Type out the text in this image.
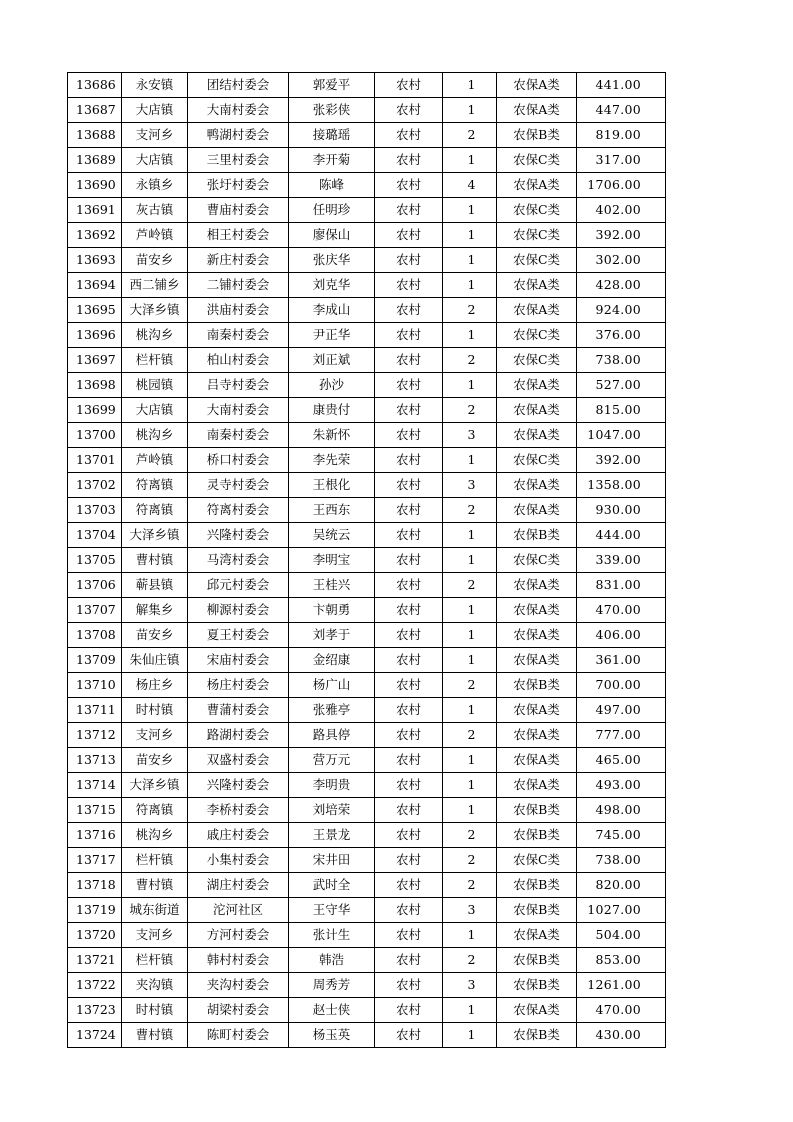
13686	永安镇	团结村委会	郭爱平	农村	1	农保A类	441.00
13687	大店镇	大南村委会	张彩侠	农村	1	农保A类	447.00
13688	支河乡	鸭湖村委会	接璐瑶	农村	2	农保B类	819.00
13689	大店镇	三里村委会	李开菊	农村	1	农保C类	317.00
13690	永镇乡	张圩村委会	陈峰	农村	4	农保A类	1706.00
13691	灰古镇	曹庙村委会	任明珍	农村	1	农保C类	402.00
13692	芦岭镇	相王村委会	廖保山	农村	1	农保C类	392.00
13693	苗安乡	新庄村委会	张庆华	农村	1	农保C类	302.00
13694	西二铺乡	二铺村委会	刘克华	农村	1	农保A类	428.00
13695	大泽乡镇	洪庙村委会	李成山	农村	2	农保A类	924.00
13696	桃沟乡	南秦村委会	尹正华	农村	1	农保C类	376.00
13697	栏杆镇	柏山村委会	刘正斌	农村	2	农保C类	738.00
13698	桃园镇	吕寺村委会	孙沙	农村	1	农保A类	527.00
13699	大店镇	大南村委会	康贵付	农村	2	农保A类	815.00
13700	桃沟乡	南秦村委会	朱新怀	农村	3	农保A类	1047.00
13701	芦岭镇	桥口村委会	李先荣	农村	1	农保C类	392.00
13702	符离镇	灵寺村委会	王根化	农村	3	农保A类	1358.00
13703	符离镇	符离村委会	王西东	农村	2	农保A类	930.00
13704	大泽乡镇	兴隆村委会	吴统云	农村	1	农保B类	444.00
13705	曹村镇	马湾村委会	李明宝	农村	1	农保C类	339.00
13706	蕲县镇	邱元村委会	王桂兴	农村	2	农保A类	831.00
13707	解集乡	柳源村委会	卞朝勇	农村	1	农保A类	470.00
13708	苗安乡	夏王村委会	刘孝于	农村	1	农保A类	406.00
13709	朱仙庄镇	宋庙村委会	金绍康	农村	1	农保A类	361.00
13710	杨庄乡	杨庄村委会	杨广山	农村	2	农保B类	700.00
13711	时村镇	曹蒲村委会	张雅亭	农村	1	农保A类	497.00
13712	支河乡	路湖村委会	路具停	农村	2	农保A类	777.00
13713	苗安乡	双盛村委会	营万元	农村	1	农保A类	465.00
13714	大泽乡镇	兴隆村委会	李明贵	农村	1	农保A类	493.00
13715	符离镇	李桥村委会	刘培荣	农村	1	农保B类	498.00
13716	桃沟乡	戚庄村委会	王景龙	农村	2	农保B类	745.00
13717	栏杆镇	小集村委会	宋井田	农村	2	农保C类	738.00
13718	曹村镇	湖庄村委会	武时全	农村	2	农保B类	820.00
13719	城东街道	沱河社区	王守华	农村	3	农保B类	1027.00
13720	支河乡	方河村委会	张计生	农村	1	农保A类	504.00
13721	栏杆镇	韩村村委会	韩浩	农村	2	农保B类	853.00
13722	夹沟镇	夹沟村委会	周秀芳	农村	3	农保B类	1261.00
13723	时村镇	胡梁村委会	赵士侠	农村	1	农保A类	470.00
13724	曹村镇	陈町村委会	杨玉英	农村	1	农保B类	430.00
